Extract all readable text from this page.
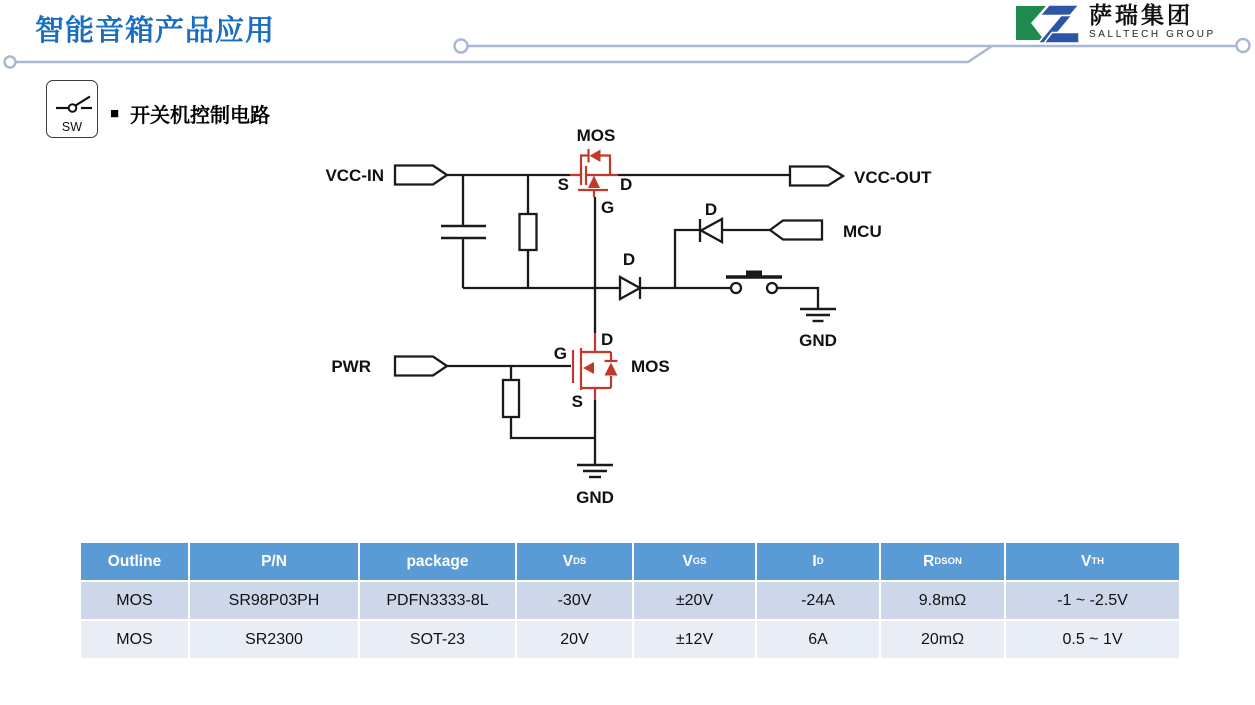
智能音箱产品应用	萨瑞集团
SALLTECH GROUP
SW
■ 开关机控制电路
VCC-IN	VCC-OUT
MCU
PWR
MOS
MOS
S	D
G
D
D
GND
GND
G
D
S
Outline	P/N	package	V DS	V GS	I D	R DSON	V TH
MOS	SR98P03PH	PDFN3333-8L	-30V	±20V	-24A	9.8mΩ	-1 ~ -2.5V
MOS	SR2300	SOT-23	20V	±12V	6A	20mΩ	0.5 ~ 1V
